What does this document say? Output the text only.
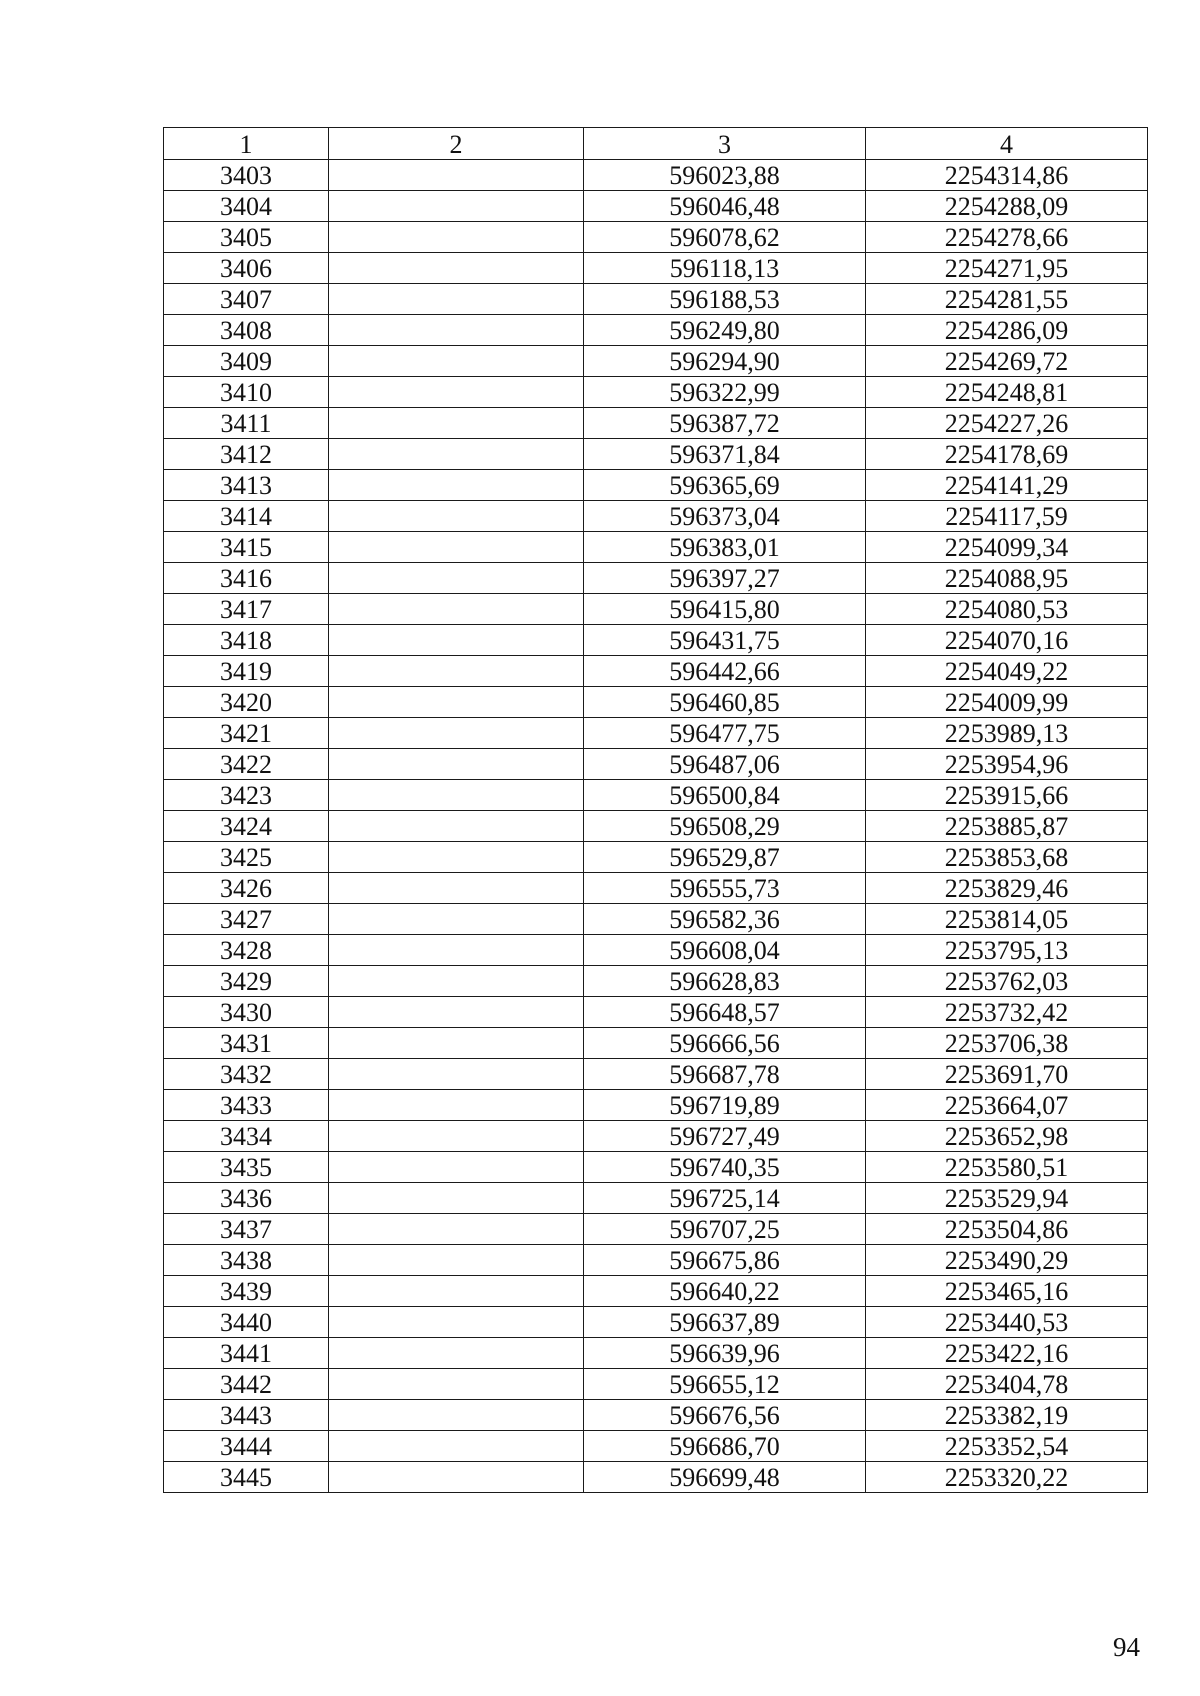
1	2	3	4
3403		596023,88	2254314,86
3404		596046,48	2254288,09
3405		596078,62	2254278,66
3406		596118,13	2254271,95
3407		596188,53	2254281,55
3408		596249,80	2254286,09
3409		596294,90	2254269,72
3410		596322,99	2254248,81
3411		596387,72	2254227,26
3412		596371,84	2254178,69
3413		596365,69	2254141,29
3414		596373,04	2254117,59
3415		596383,01	2254099,34
3416		596397,27	2254088,95
3417		596415,80	2254080,53
3418		596431,75	2254070,16
3419		596442,66	2254049,22
3420		596460,85	2254009,99
3421		596477,75	2253989,13
3422		596487,06	2253954,96
3423		596500,84	2253915,66
3424		596508,29	2253885,87
3425		596529,87	2253853,68
3426		596555,73	2253829,46
3427		596582,36	2253814,05
3428		596608,04	2253795,13
3429		596628,83	2253762,03
3430		596648,57	2253732,42
3431		596666,56	2253706,38
3432		596687,78	2253691,70
3433		596719,89	2253664,07
3434		596727,49	2253652,98
3435		596740,35	2253580,51
3436		596725,14	2253529,94
3437		596707,25	2253504,86
3438		596675,86	2253490,29
3439		596640,22	2253465,16
3440		596637,89	2253440,53
3441		596639,96	2253422,16
3442		596655,12	2253404,78
3443		596676,56	2253382,19
3444		596686,70	2253352,54
3445		596699,48	2253320,22
94
